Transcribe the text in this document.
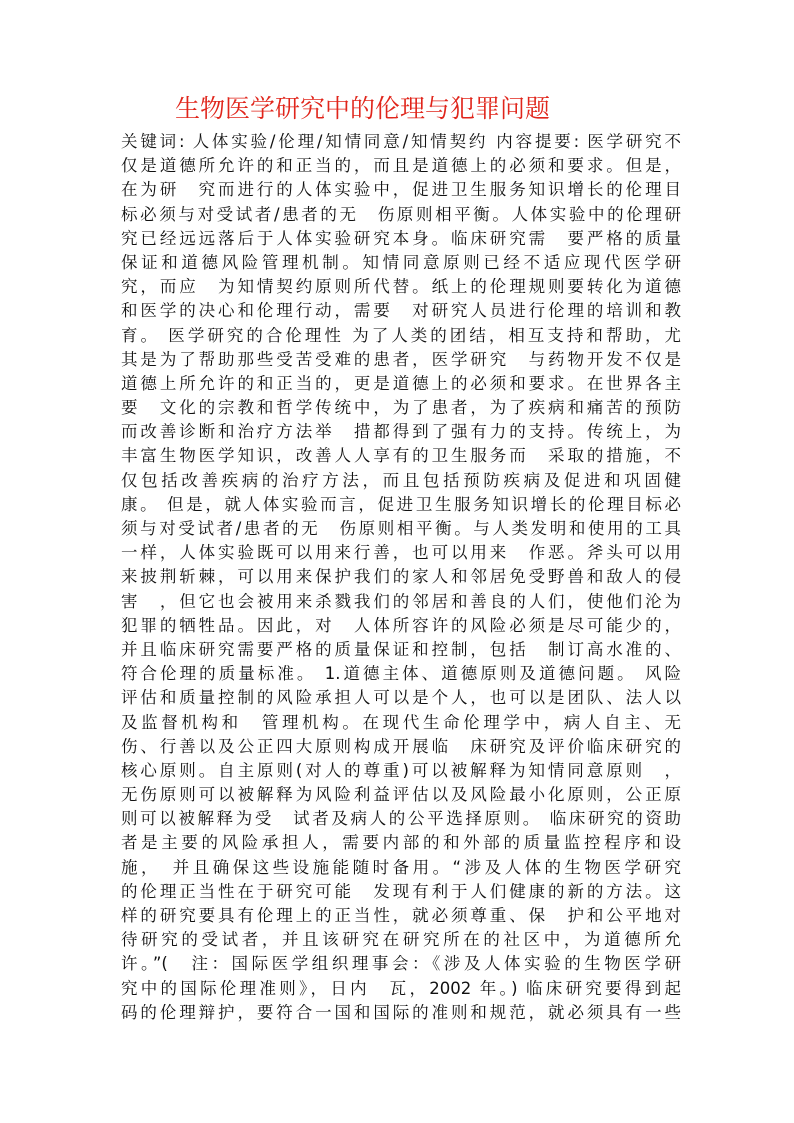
生物医学研究中的伦理与犯罪问题
关键词: 人体实验/伦理/知情同意/知情契约 内容提要: 医学研究不
仅是道德所允许的和正当的，而且是道德上的必须和要求。但是，
在为研　究而进行的人体实验中，促进卫生服务知识增长的伦理目
标必须与对受试者/患者的无　伤原则相平衡。人体实验中的伦理研
究已经远远落后于人体实验研究本身。临床研究需　要严格的质量
保证和道德风险管理机制。知情同意原则已经不适应现代医学研
究，而应　为知情契约原则所代替。纸上的伦理规则要转化为道德
和医学的决心和伦理行动，需要　对研究人员进行伦理的培训和教
育。 医学研究的合伦理性 为了人类的团结，相互支持和帮助，尤
其是为了帮助那些受苦受难的患者，医学研究　与药物开发不仅是
道德上所允许的和正当的，更是道德上的必须和要求。在世界各主
要　文化的宗教和哲学传统中，为了患者，为了疾病和痛苦的预防
而改善诊断和治疗方法举　措都得到了强有力的支持。传统上，为
丰富生物医学知识，改善人人享有的卫生服务而　采取的措施，不
仅包括改善疾病的治疗方法，而且包括预防疾病及促进和巩固健
康。 但是，就人体实验而言，促进卫生服务知识增长的伦理目标必
须与对受试者/患者的无　伤原则相平衡。与人类发明和使用的工具
一样，人体实验既可以用来行善，也可以用来　作恶。斧头可以用
来披荆斩棘，可以用来保护我们的家人和邻居免受野兽和敌人的侵
害　，但它也会被用来杀戮我们的邻居和善良的人们，使他们沦为
犯罪的牺牲品。因此，对　人体所容许的风险必须是尽可能少的，
并且临床研究需要严格的质量保证和控制，包括　制订高水准的、
符合伦理的质量标准。 1.道德主体、道德原则及道德问题。 风险
评估和质量控制的风险承担人可以是个人，也可以是团队、法人以
及监督机构和　管理机构。在现代生命伦理学中，病人自主、无
伤、行善以及公正四大原则构成开展临　床研究及评价临床研究的
核心原则。自主原则(对人的尊重)可以被解释为知情同意原则　，
无伤原则可以被解释为风险利益评估以及风险最小化原则，公正原
则可以被解释为受　试者及病人的公平选择原则。 临床研究的资助
者是主要的风险承担人，需要内部的和外部的质量监控程序和设
施，　并且确保这些设施能随时备用。“涉及人体的生物医学研究
的伦理正当性在于研究可能　发现有利于人们健康的新的方法。这
样的研究要具有伦理上的正当性，就必须尊重、保　护和公平地对
待研究的受试者，并且该研究在研究所在的社区中，为道德所允
许。”(　注：国际医学组织理事会：《涉及人体实验的生物医学研
究中的国际伦理准则》，日内　瓦，2002 年。) 临床研究要得到起
码的伦理辩护，要符合一国和国际的准则和规范，就必须具有一些
